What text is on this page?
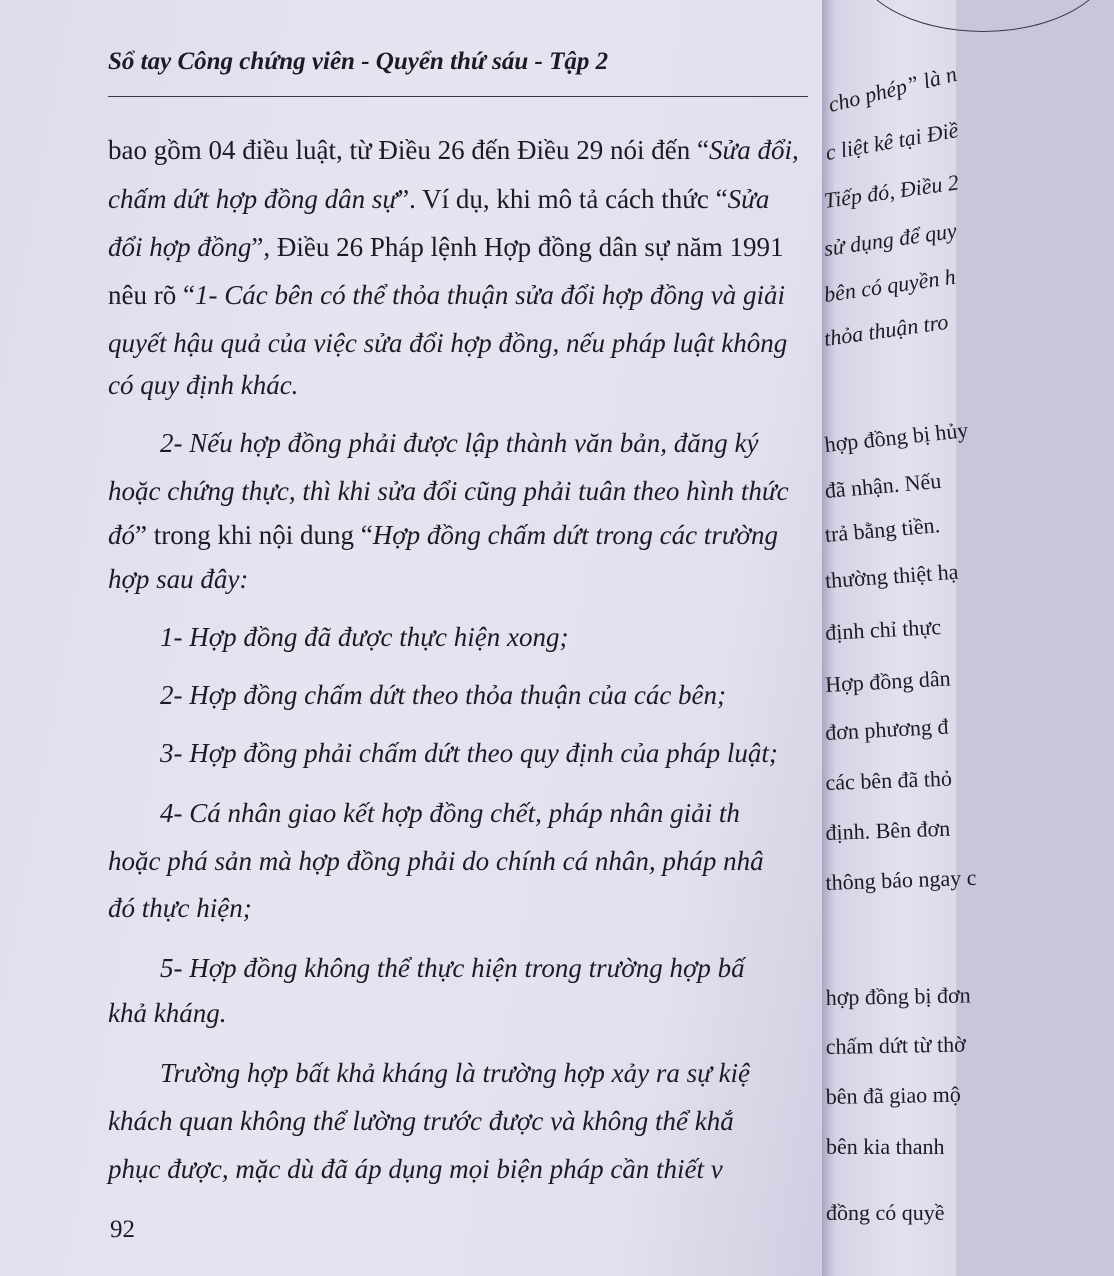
Sổ tay Công chứng viên - Quyển thứ sáu - Tập 2
bao gồm 04 điều luật, từ Điều 26 đến Điều 29 nói đến “Sửa đổi,
chấm dứt hợp đồng dân sự”. Ví dụ, khi mô tả cách thức “Sửa
đổi hợp đồng”, Điều 26 Pháp lệnh Hợp đồng dân sự năm 1991
nêu rõ “1- Các bên có thể thỏa thuận sửa đổi hợp đồng và giải
quyết hậu quả của việc sửa đổi hợp đồng, nếu pháp luật không
có quy định khác.
2- Nếu hợp đồng phải được lập thành văn bản, đăng ký
hoặc chứng thực, thì khi sửa đổi cũng phải tuân theo hình thức
đó” trong khi nội dung “Hợp đồng chấm dứt trong các trường
hợp sau đây:
1- Hợp đồng đã được thực hiện xong;
2- Hợp đồng chấm dứt theo thỏa thuận của các bên;
3- Hợp đồng phải chấm dứt theo quy định của pháp luật;
4- Cá nhân giao kết hợp đồng chết, pháp nhân giải th
hoặc phá sản mà hợp đồng phải do chính cá nhân, pháp nhâ
đó thực hiện;
5- Hợp đồng không thể thực hiện trong trường hợp bấ
khả kháng.
Trường hợp bất khả kháng là trường hợp xảy ra sự kiệ
khách quan không thể lường trước được và không thể khắ
phục được, mặc dù đã áp dụng mọi biện pháp cần thiết v
92
cho phép” là n
c liệt kê tại Điề
Tiếp đó, Điều 2
sử dụng để quy
bên có quyền h
thỏa thuận tro
hợp đồng bị hủy
đã nhận. Nếu
trả bằng tiền.
thường thiệt hạ
định chỉ thực
Hợp đồng dân
đơn phương đ
các bên đã thỏ
định. Bên đơn
thông báo ngay c
hợp đồng bị đơn
chấm dứt từ thờ
bên đã giao mộ
bên kia thanh
đồng có quyề
